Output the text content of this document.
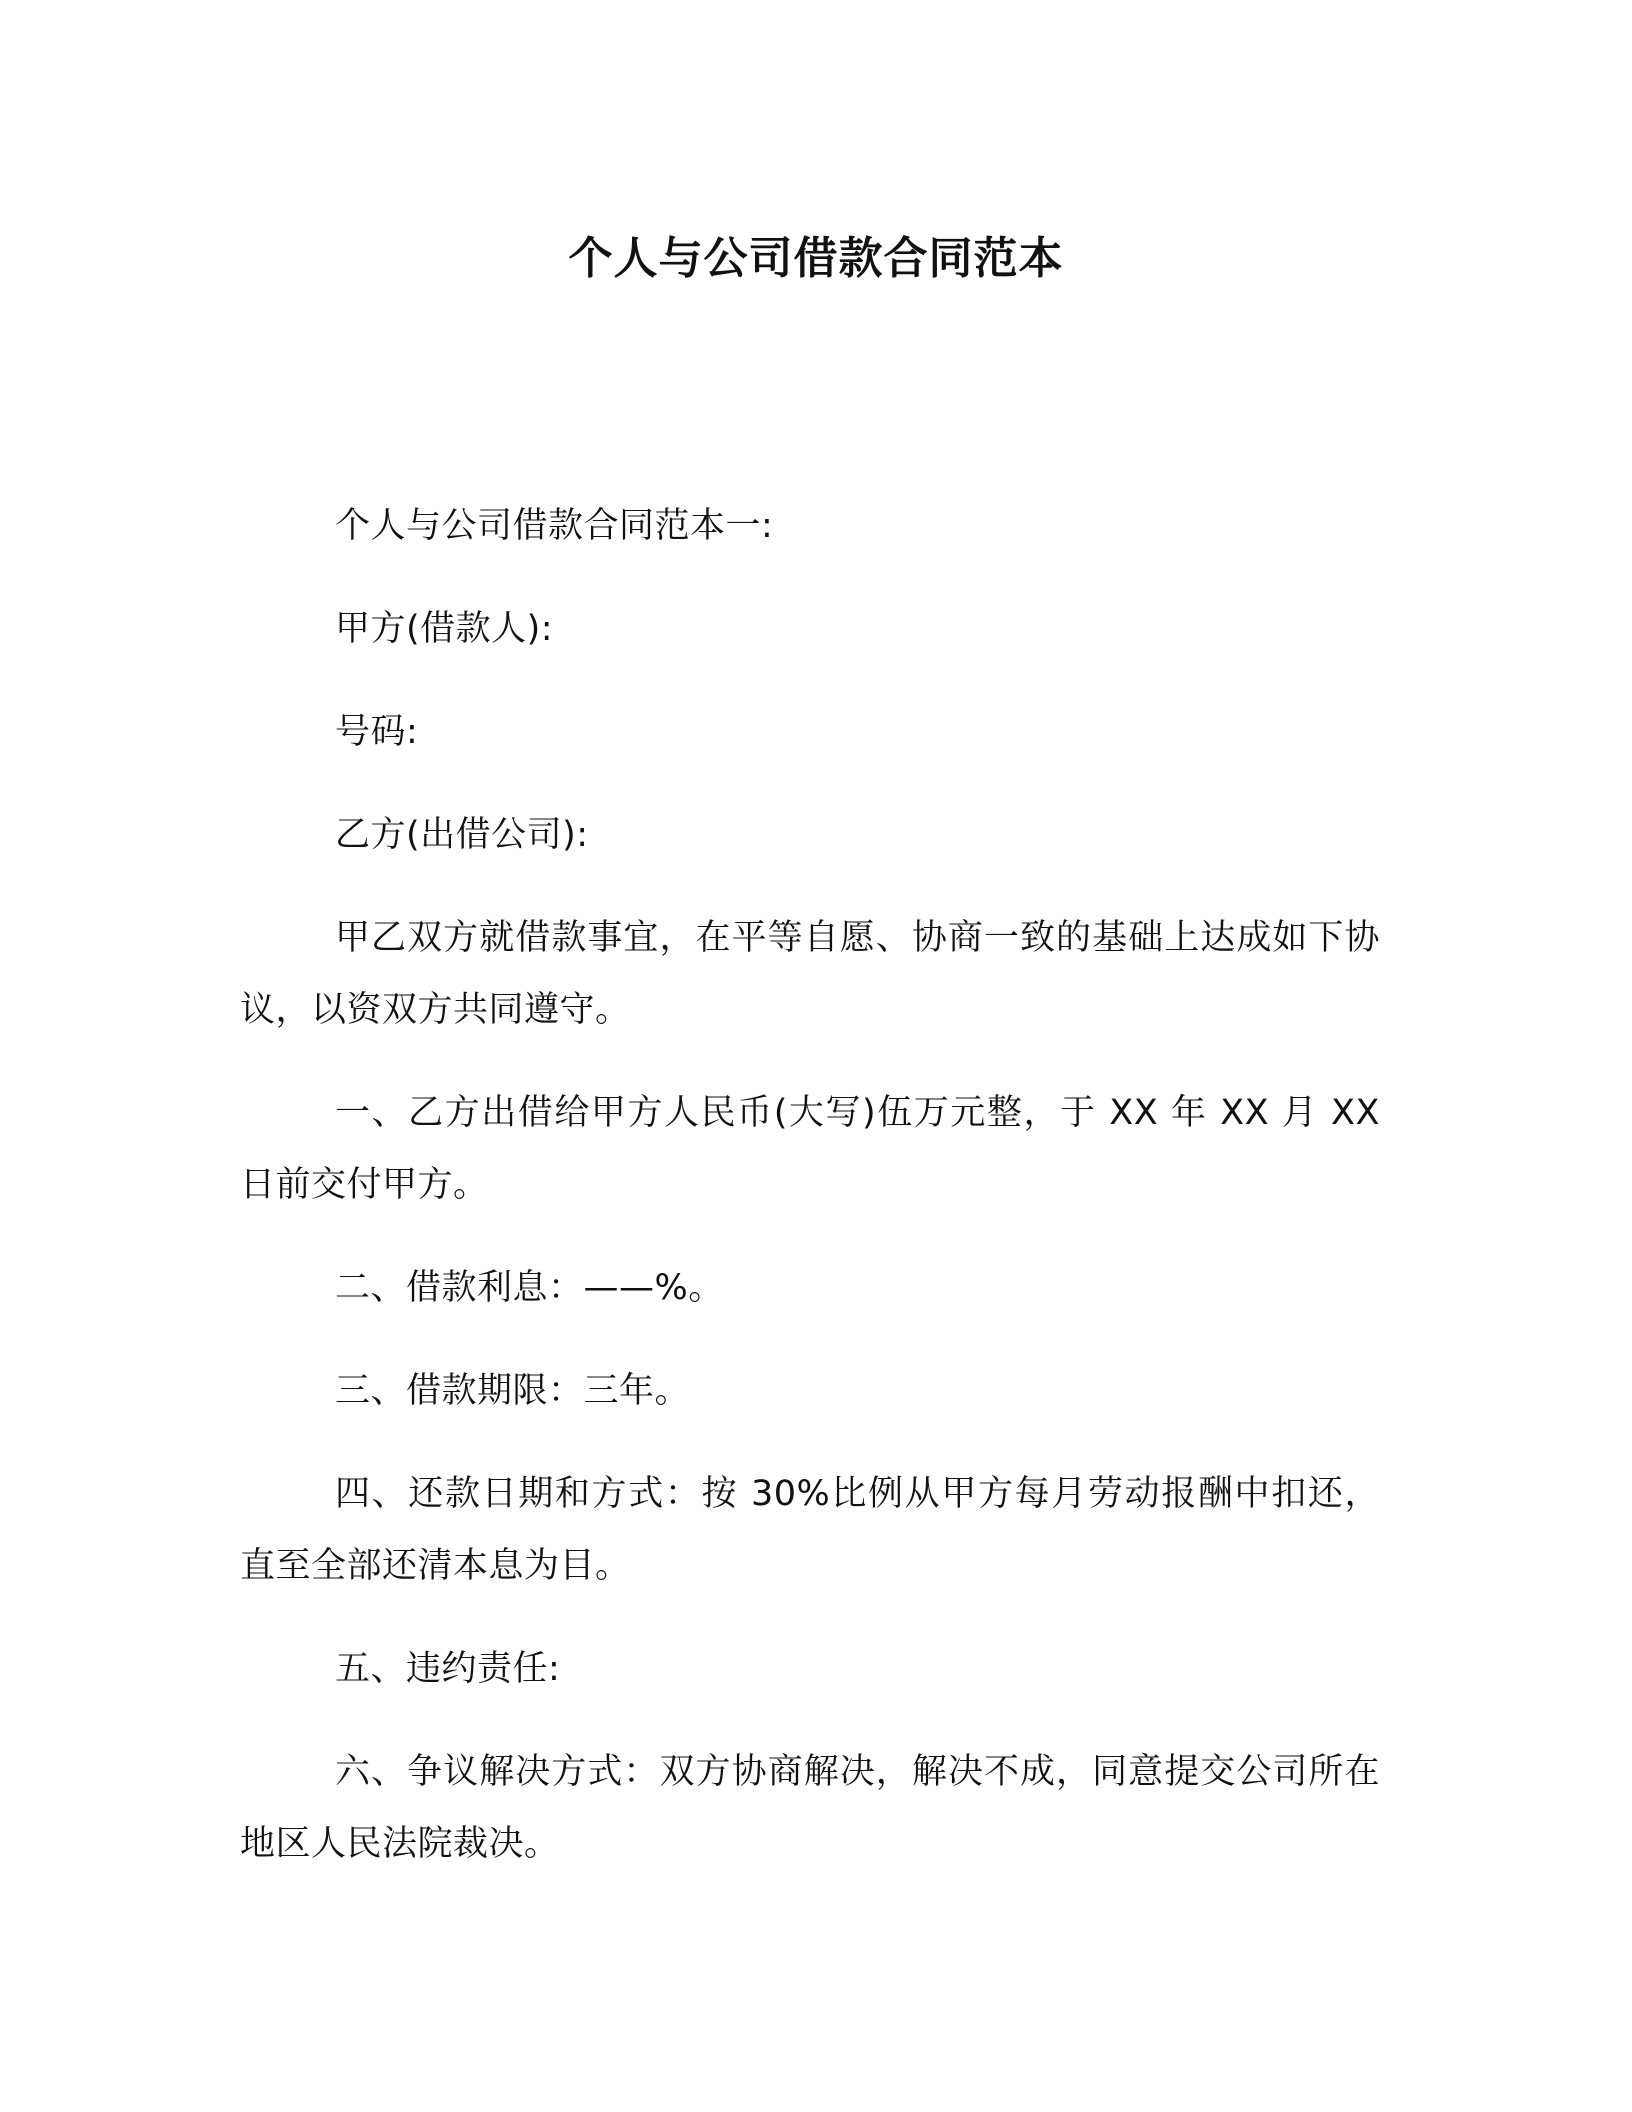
个人与公司借款合同范本

个人与公司借款合同范本一:

甲方(借款人):

号码:

乙方(出借公司):

甲乙双方就借款事宜，在平等自愿、协商一致的基础上达成如下协议，以资双方共同遵守。

一、乙方出借给甲方人民币(大写)伍万元整，于 XX 年 XX 月 XX 日前交付甲方。

二、借款利息：——%。

三、借款期限：三年。

四、还款日期和方式：按 30%比例从甲方每月劳动报酬中扣还，直至全部还清本息为目。

五、违约责任:

六、争议解决方式：双方协商解决，解决不成，同意提交公司所在地区人民法院裁决。
